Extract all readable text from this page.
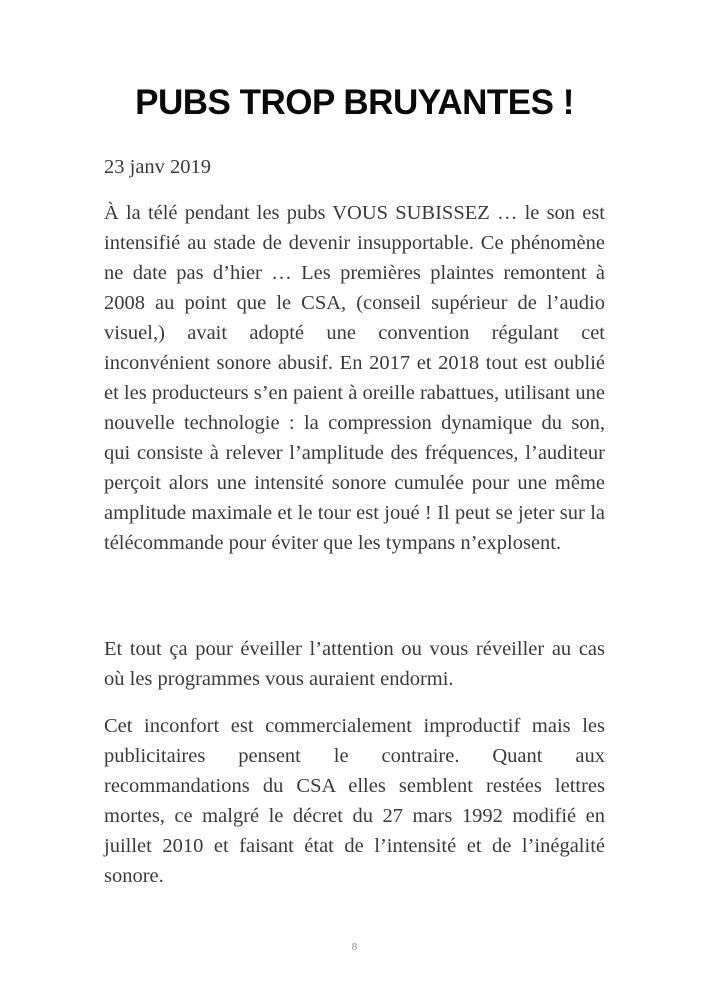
PUBS TROP BRUYANTES !

23 janv 2019

À la télé pendant les pubs VOUS SUBISSEZ … le son est intensifié au stade de devenir insupportable. Ce phénomène ne date pas d’hier … Les premières plaintes remontent à 2008 au point que le CSA, (conseil supérieur de l’audio visuel,) avait adopté une convention régulant cet inconvénient sonore abusif. En 2017 et 2018 tout est oublié et les producteurs s’en paient à oreille rabattues, utilisant une nouvelle technologie : la compression dynamique du son, qui consiste à relever l’amplitude des fréquences, l’auditeur perçoit alors une intensité sonore cumulée pour une même amplitude maximale et le tour est joué ! Il peut se jeter sur la télécommande pour éviter que les tympans n’explosent.

Et tout ça pour éveiller l’attention ou vous réveiller au cas où les programmes vous auraient endormi.

Cet inconfort est commercialement improductif mais les publicitaires pensent le contraire. Quant aux recommandations du CSA elles semblent restées lettres mortes, ce malgré le décret du 27 mars 1992 modifié en juillet 2010 et faisant état de l’intensité et de l’inégalité sonore.

8
